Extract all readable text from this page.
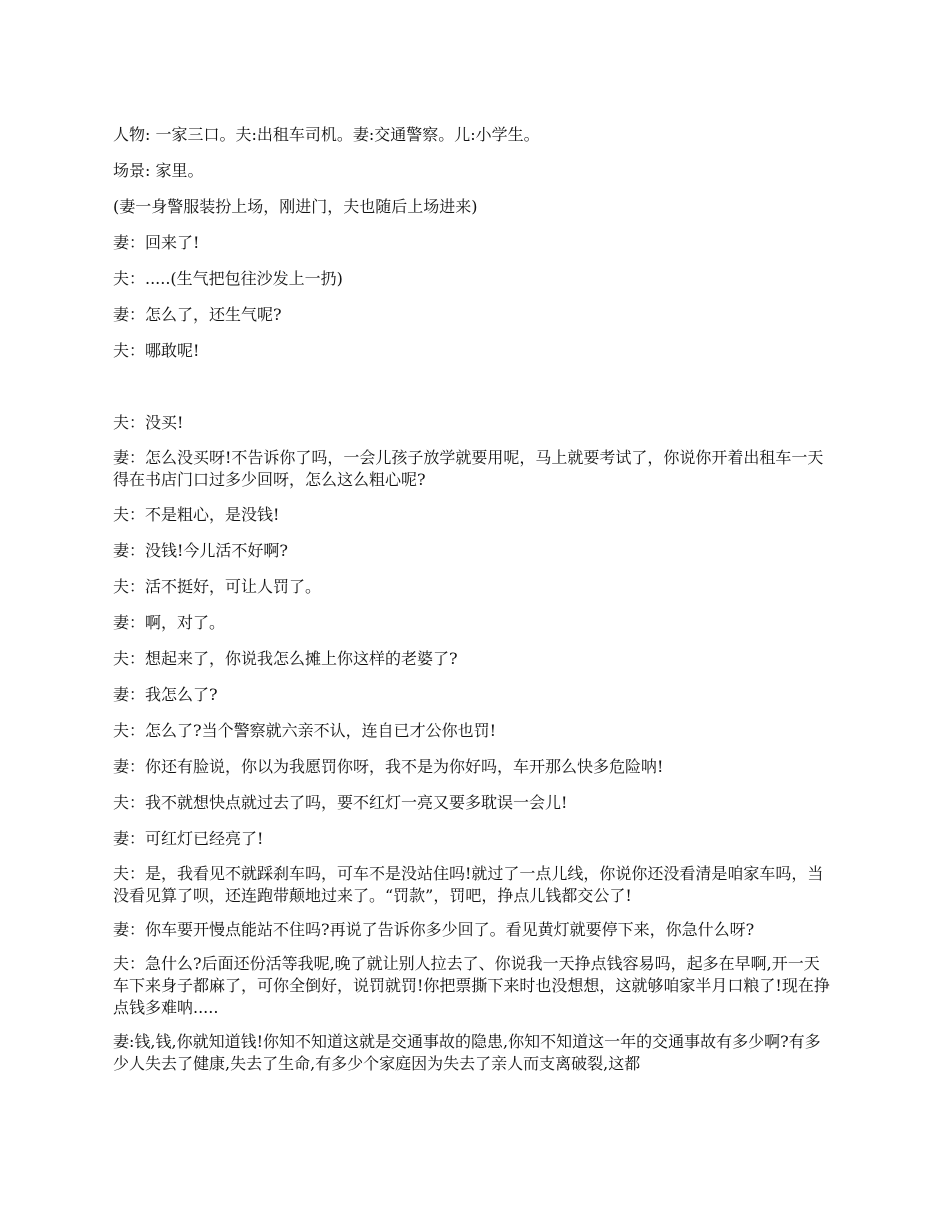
人物: 一家三口。夫:出租车司机。妻:交通警察。儿:小学生。

场景: 家里。

(妻一身警服装扮上场，刚进门，夫也随后上场进来)

妻：回来了!

夫：.....(生气把包往沙发上一扔)

妻：怎么了，还生气呢?

夫：哪敢呢!

夫：没买!

妻：怎么没买呀!不告诉你了吗，一会儿孩子放学就要用呢，马上就要考试了，你说你开着出租车一天得在书店门口过多少回呀，怎么这么粗心呢?

夫：不是粗心，是没钱!

妻：没钱!今儿活不好啊?

夫：活不挺好，可让人罚了。

妻：啊，对了。

夫：想起来了，你说我怎么摊上你这样的老婆了?

妻：我怎么了?

夫：怎么了?当个警察就六亲不认，连自已才公你也罚!

妻：你还有脸说，你以为我愿罚你呀，我不是为你好吗，车开那么快多危险呐!

夫：我不就想快点就过去了吗，要不红灯一亮又要多耽误一会儿!

妻：可红灯已经亮了!

夫：是，我看见不就踩刹车吗，可车不是没站住吗!就过了一点儿线，你说你还没看清是咱家车吗，当没看见算了呗，还连跑带颠地过来了。“罚款”，罚吧，挣点儿钱都交公了!

妻：你车要开慢点能站不住吗?再说了告诉你多少回了。看见黄灯就要停下来，你急什么呀?

夫：急什么?后面还份活等我呢,晚了就让别人拉去了、你说我一天挣点钱容易吗，起多在早啊,开一天车下来身子都麻了，可你全倒好，说罚就罚!你把票撕下来时也没想想，这就够咱家半月口粮了!现在挣点钱多难呐.....

妻:钱,钱,你就知道钱!你知不知道这就是交通事故的隐患,你知不知道这一年的交通事故有多少啊?有多少人失去了健康,失去了生命,有多少个家庭因为失去了亲人而支离破裂,这都
